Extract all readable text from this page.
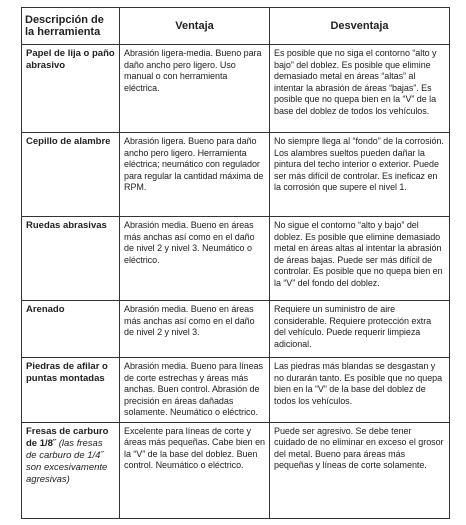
Descripción de la herramienta	Ventaja	Desventaja
Papel de lija o paño abrasivo	Abrasión ligera-media. Bueno para daño ancho pero ligero. Uso manual o con herramienta eléctrica.	Es posible que no siga el contorno “alto y bajo” del doblez. Es posible que elimine demasiado metal en áreas “altas” al intentar la abrasión de áreas “bajas”. Es posible que no quepa bien en la “V” de la base del doblez de todos los vehículos.
Cepillo de alambre	Abrasión ligera. Bueno para daño ancho pero ligero. Herramienta eléctrica; neumático con regulador para regular la cantidad máxima de RPM.	No siempre llega al “fondo” de la corrosión. Los alambres sueltos pueden dañar la pintura del techo interior o exterior. Puede ser más difícil de controlar. Es ineficaz en la corrosión que supere el nivel 1.
Ruedas abrasivas	Abrasión media. Bueno en áreas más anchas así como en el daño de nivel 2 y nivel 3. Neumático o eléctrico.	No sigue el contorno “alto y bajo” del doblez. Es posible que elimine demasiado metal en áreas altas al intentar la abrasión de áreas bajas. Puede ser más difícil de controlar. Es posible que no quepa bien en la “V” del fondo del doblez.
Arenado	Abrasión media. Bueno en áreas más anchas así como en el daño de nivel 2 y nivel 3.	Requiere un suministro de aire considerable. Requiere protección extra del vehículo. Puede requerir limpieza adicional.
Piedras de afilar o puntas montadas	Abrasión media. Bueno para líneas de corte estrechas y áreas más anchas. Buen control. Abrasión de precisión en áreas dañadas solamente. Neumático o eléctrico.	Las piedras más blandas se desgastan y no durarán tanto. Es posible que no quepa bien en la “V” de la base del doblez de todos los vehículos.
Fresas de carburo de 1/8˝ (las fresas de carburo de 1/4˝ son excesivamente agresivas)	Excelente para líneas de corte y áreas más pequeñas. Cabe bien en la “V” de la base del doblez. Buen control. Neumático o eléctrico.	Puede ser agresivo. Se debe tener cuidado de no eliminar en exceso el grosor del metal. Bueno para áreas más pequeñas y líneas de corte solamente.
